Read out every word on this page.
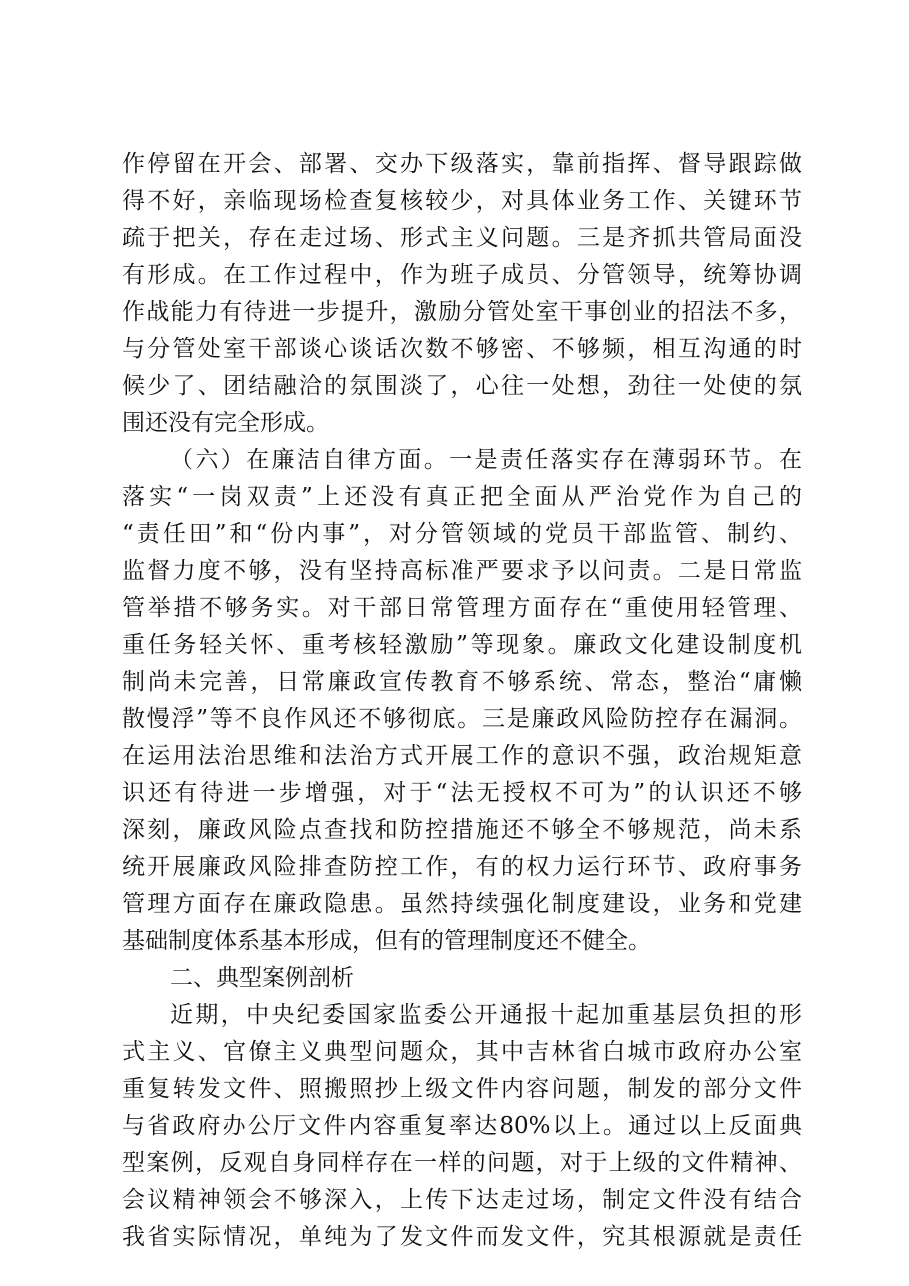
作停留在开会、部署、交办下级落实，靠前指挥、督导跟踪做
得不好，亲临现场检查复核较少，对具体业务工作、关键环节
疏于把关，存在走过场、形式主义问题。三是齐抓共管局面没
有形成。在工作过程中，作为班子成员、分管领导，统筹协调
作战能力有待进一步提升，激励分管处室干事创业的招法不多，
与分管处室干部谈心谈话次数不够密、不够频，相互沟通的时
候少了、团结融洽的氛围淡了，心往一处想，劲往一处使的氛
围还没有完全形成。
（六）在廉洁自律方面。一是责任落实存在薄弱环节。在
落实“一岗双责”上还没有真正把全面从严治党作为自己的
“责任田”和“份内事”，对分管领域的党员干部监管、制约、
监督力度不够，没有坚持高标准严要求予以问责。二是日常监
管举措不够务实。对干部日常管理方面存在“重使用轻管理、
重任务轻关怀、重考核轻激励”等现象。廉政文化建设制度机
制尚未完善，日常廉政宣传教育不够系统、常态，整治“庸懒
散慢浮”等不良作风还不够彻底。三是廉政风险防控存在漏洞。
在运用法治思维和法治方式开展工作的意识不强，政治规矩意
识还有待进一步增强，对于“法无授权不可为”的认识还不够
深刻，廉政风险点查找和防控措施还不够全不够规范，尚未系
统开展廉政风险排查防控工作，有的权力运行环节、政府事务
管理方面存在廉政隐患。虽然持续强化制度建设，业务和党建
基础制度体系基本形成，但有的管理制度还不健全。
二、典型案例剖析
近期，中央纪委国家监委公开通报十起加重基层负担的形
式主义、官僚主义典型问题众，其中吉林省白城市政府办公室
重复转发文件、照搬照抄上级文件内容问题，制发的部分文件
与省政府办公厅文件内容重复率达80%以上。通过以上反面典
型案例，反观自身同样存在一样的问题，对于上级的文件精神、
会议精神领会不够深入，上传下达走过场，制定文件没有结合
我省实际情况，单纯为了发文件而发文件，究其根源就是责任
